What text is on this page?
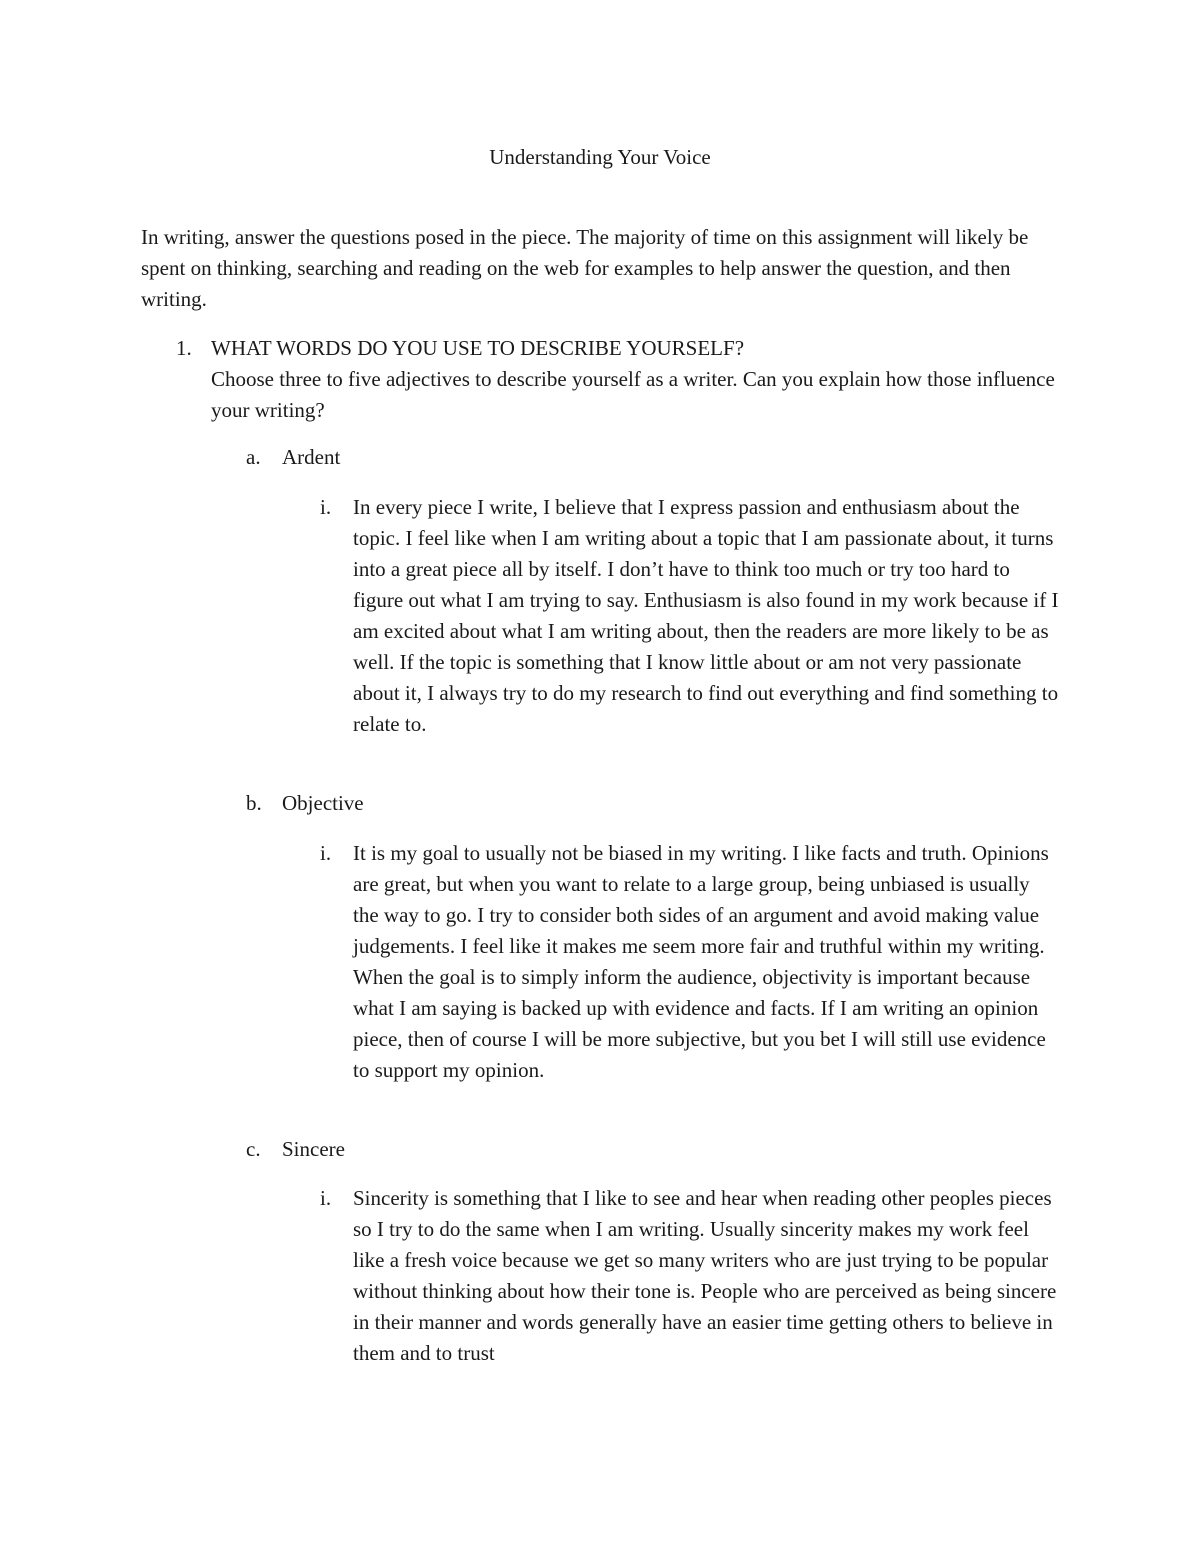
Understanding Your Voice
In writing, answer the questions posed in the piece. The majority of time on this assignment will likely be spent on thinking, searching and reading on the web for examples to help answer the question, and then writing.
1. WHAT WORDS DO YOU USE TO DESCRIBE YOURSELF?
Choose three to five adjectives to describe yourself as a writer. Can you explain how those influence your writing?
a. Ardent
i. In every piece I write, I believe that I express passion and enthusiasm about the topic. I feel like when I am writing about a topic that I am passionate about, it turns into a great piece all by itself. I don’t have to think too much or try too hard to figure out what I am trying to say. Enthusiasm is also found in my work because if I am excited about what I am writing about, then the readers are more likely to be as well. If the topic is something that I know little about or am not very passionate about it, I always try to do my research to find out everything and find something to relate to.
b. Objective
i. It is my goal to usually not be biased in my writing. I like facts and truth. Opinions are great, but when you want to relate to a large group, being unbiased is usually the way to go. I try to consider both sides of an argument and avoid making value judgements. I feel like it makes me seem more fair and truthful within my writing. When the goal is to simply inform the audience, objectivity is important because what I am saying is backed up with evidence and facts. If I am writing an opinion piece, then of course I will be more subjective, but you bet I will still use evidence to support my opinion.
c. Sincere
i. Sincerity is something that I like to see and hear when reading other peoples pieces so I try to do the same when I am writing. Usually sincerity makes my work feel like a fresh voice because we get so many writers who are just trying to be popular without thinking about how their tone is. People who are perceived as being sincere in their manner and words generally have an easier time getting others to believe in them and to trust
